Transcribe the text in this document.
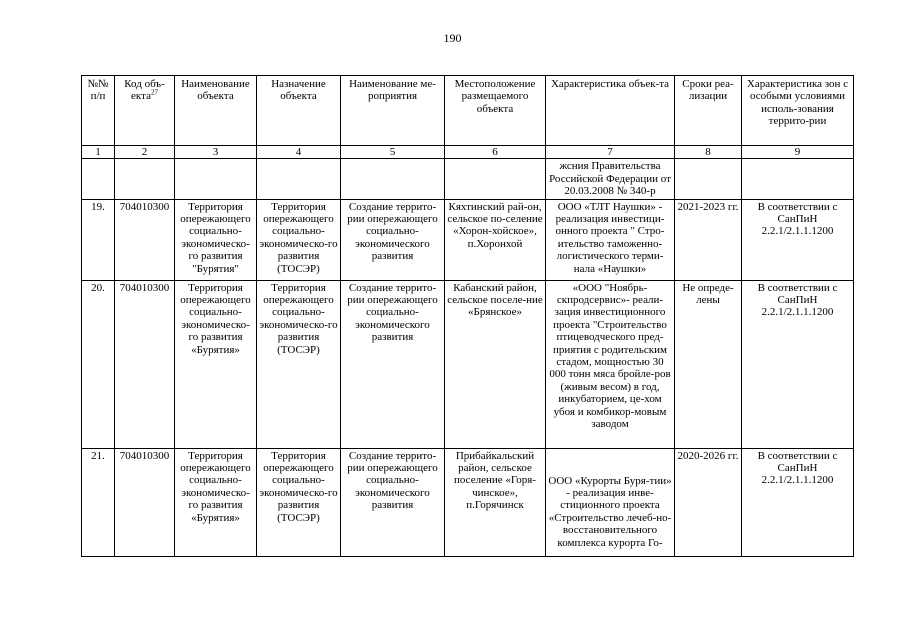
190
№№ п/п	Код объ-екта$^{27}$	Наименование объекта	Назначение объекта	Наименование ме-роприятия	Местоположение размещаемого объекта	Характеристика объек-та	Сроки реа-лизации	Характеристика зон с особыми условиями исполь-зования террито-рии
1	2	3	4	5	6	7	8	9
						жсния Правительства Российской Федерации от 20.03.2008 № 340-р		
19.	704010300	Территория опережающего социально-экономическо-го развития "Бурятия"	Территория опережающего социально-экономическо-го развития (ТОСЭР)	Создание террито-рии опережающего социально-экономического развития	Кяхтинский рай-он, сельское по-селение «Хорон-хойское», п.Хоронхой	ООО «ТЛТ Наушки» - реализация инвестици-онного проекта " Стро-ительство таможенно-логистического терми-нала «Наушки»	2021-2023 гг.	В соответствии с СанПиН 2.2.1/2.1.1.1200
20.	704010300	Территория опережающего социально-экономическо-го развития «Бурятия»	Территория опережающего социально-экономическо-го развития (ТОСЭР)	Создание террито-рии опережающего социально-экономического развития	Кабанский район, сельское поселе-ние «Брянское»	«ООО "Ноябрь-скпродсервис»- реали-зация инвестиционного проекта "Строительство птицеводческого пред-приятия с родительским стадом, мощностью 30 000 тонн мяса бройле-ров (живым весом) в год, инкубаторием, це-хом убоя и комбикор-мовым заводом	Не опреде-лены	В соответствии с СанПиН 2.2.1/2.1.1.1200
21.	704010300	Территория опережающего социально-экономическо-го развития «Бурятия»	Территория опережающего социально-экономическо-го развития (ТОСЭР)	Создание террито-рии опережающего социально-экономического развития	Прибайкальский район, сельское поселение «Горя-чинское», п.Горячинск	ООО «Курорты Буря-тии» - реализация инве-стиционного проекта «Строительство лечеб-но-восстановительного комплекса курорта Го-	2020-2026 гг.	В соответствии с СанПиН 2.2.1/2.1.1.1200
